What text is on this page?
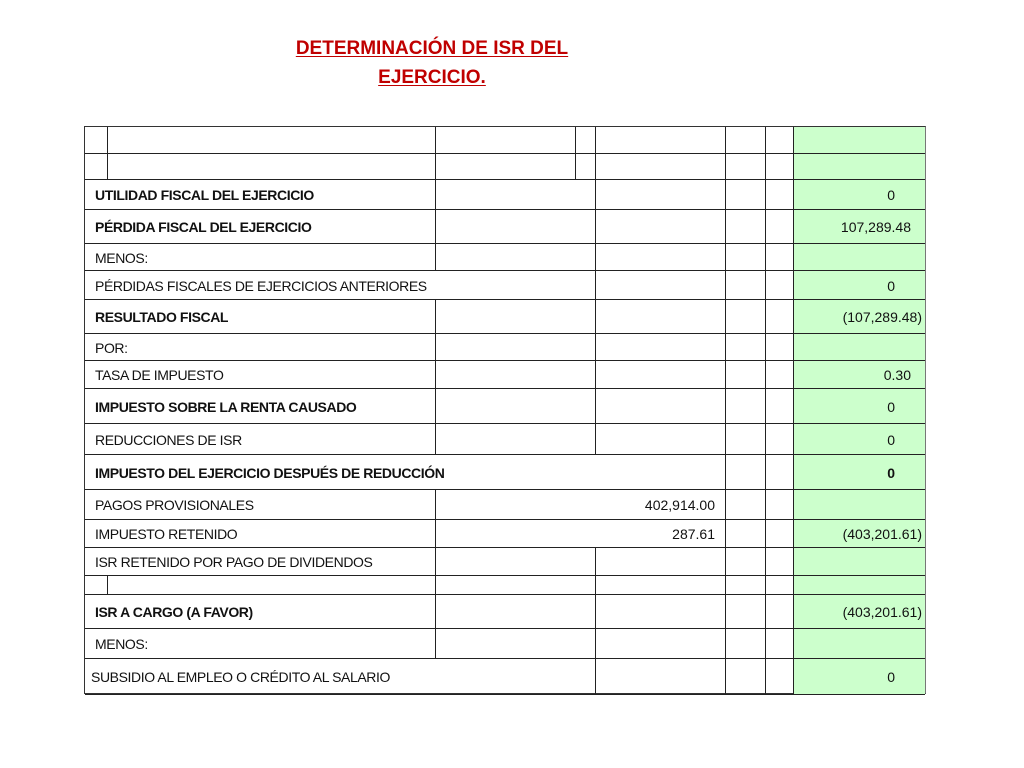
DETERMINACIÓN DE ISR DEL
EJERCICIO.
UTILIDAD FISCAL DEL EJERCICIO	0
PÉRDIDA FISCAL DEL EJERCICIO	107,289.48
MENOS:
PÉRDIDAS FISCALES DE EJERCICIOS ANTERIORES	0
RESULTADO FISCAL	(107,289.48)
POR:
TASA DE IMPUESTO	0.30
IMPUESTO SOBRE LA RENTA CAUSADO	0
REDUCCIONES DE ISR	0
IMPUESTO DEL EJERCICIO DESPUÉS DE REDUCCIÓN	0
PAGOS PROVISIONALES	402,914.00
IMPUESTO RETENIDO	287.61	(403,201.61)
ISR RETENIDO POR PAGO DE DIVIDENDOS
ISR A CARGO (A FAVOR)	(403,201.61)
MENOS:
SUBSIDIO AL EMPLEO O CRÉDITO AL SALARIO	0
